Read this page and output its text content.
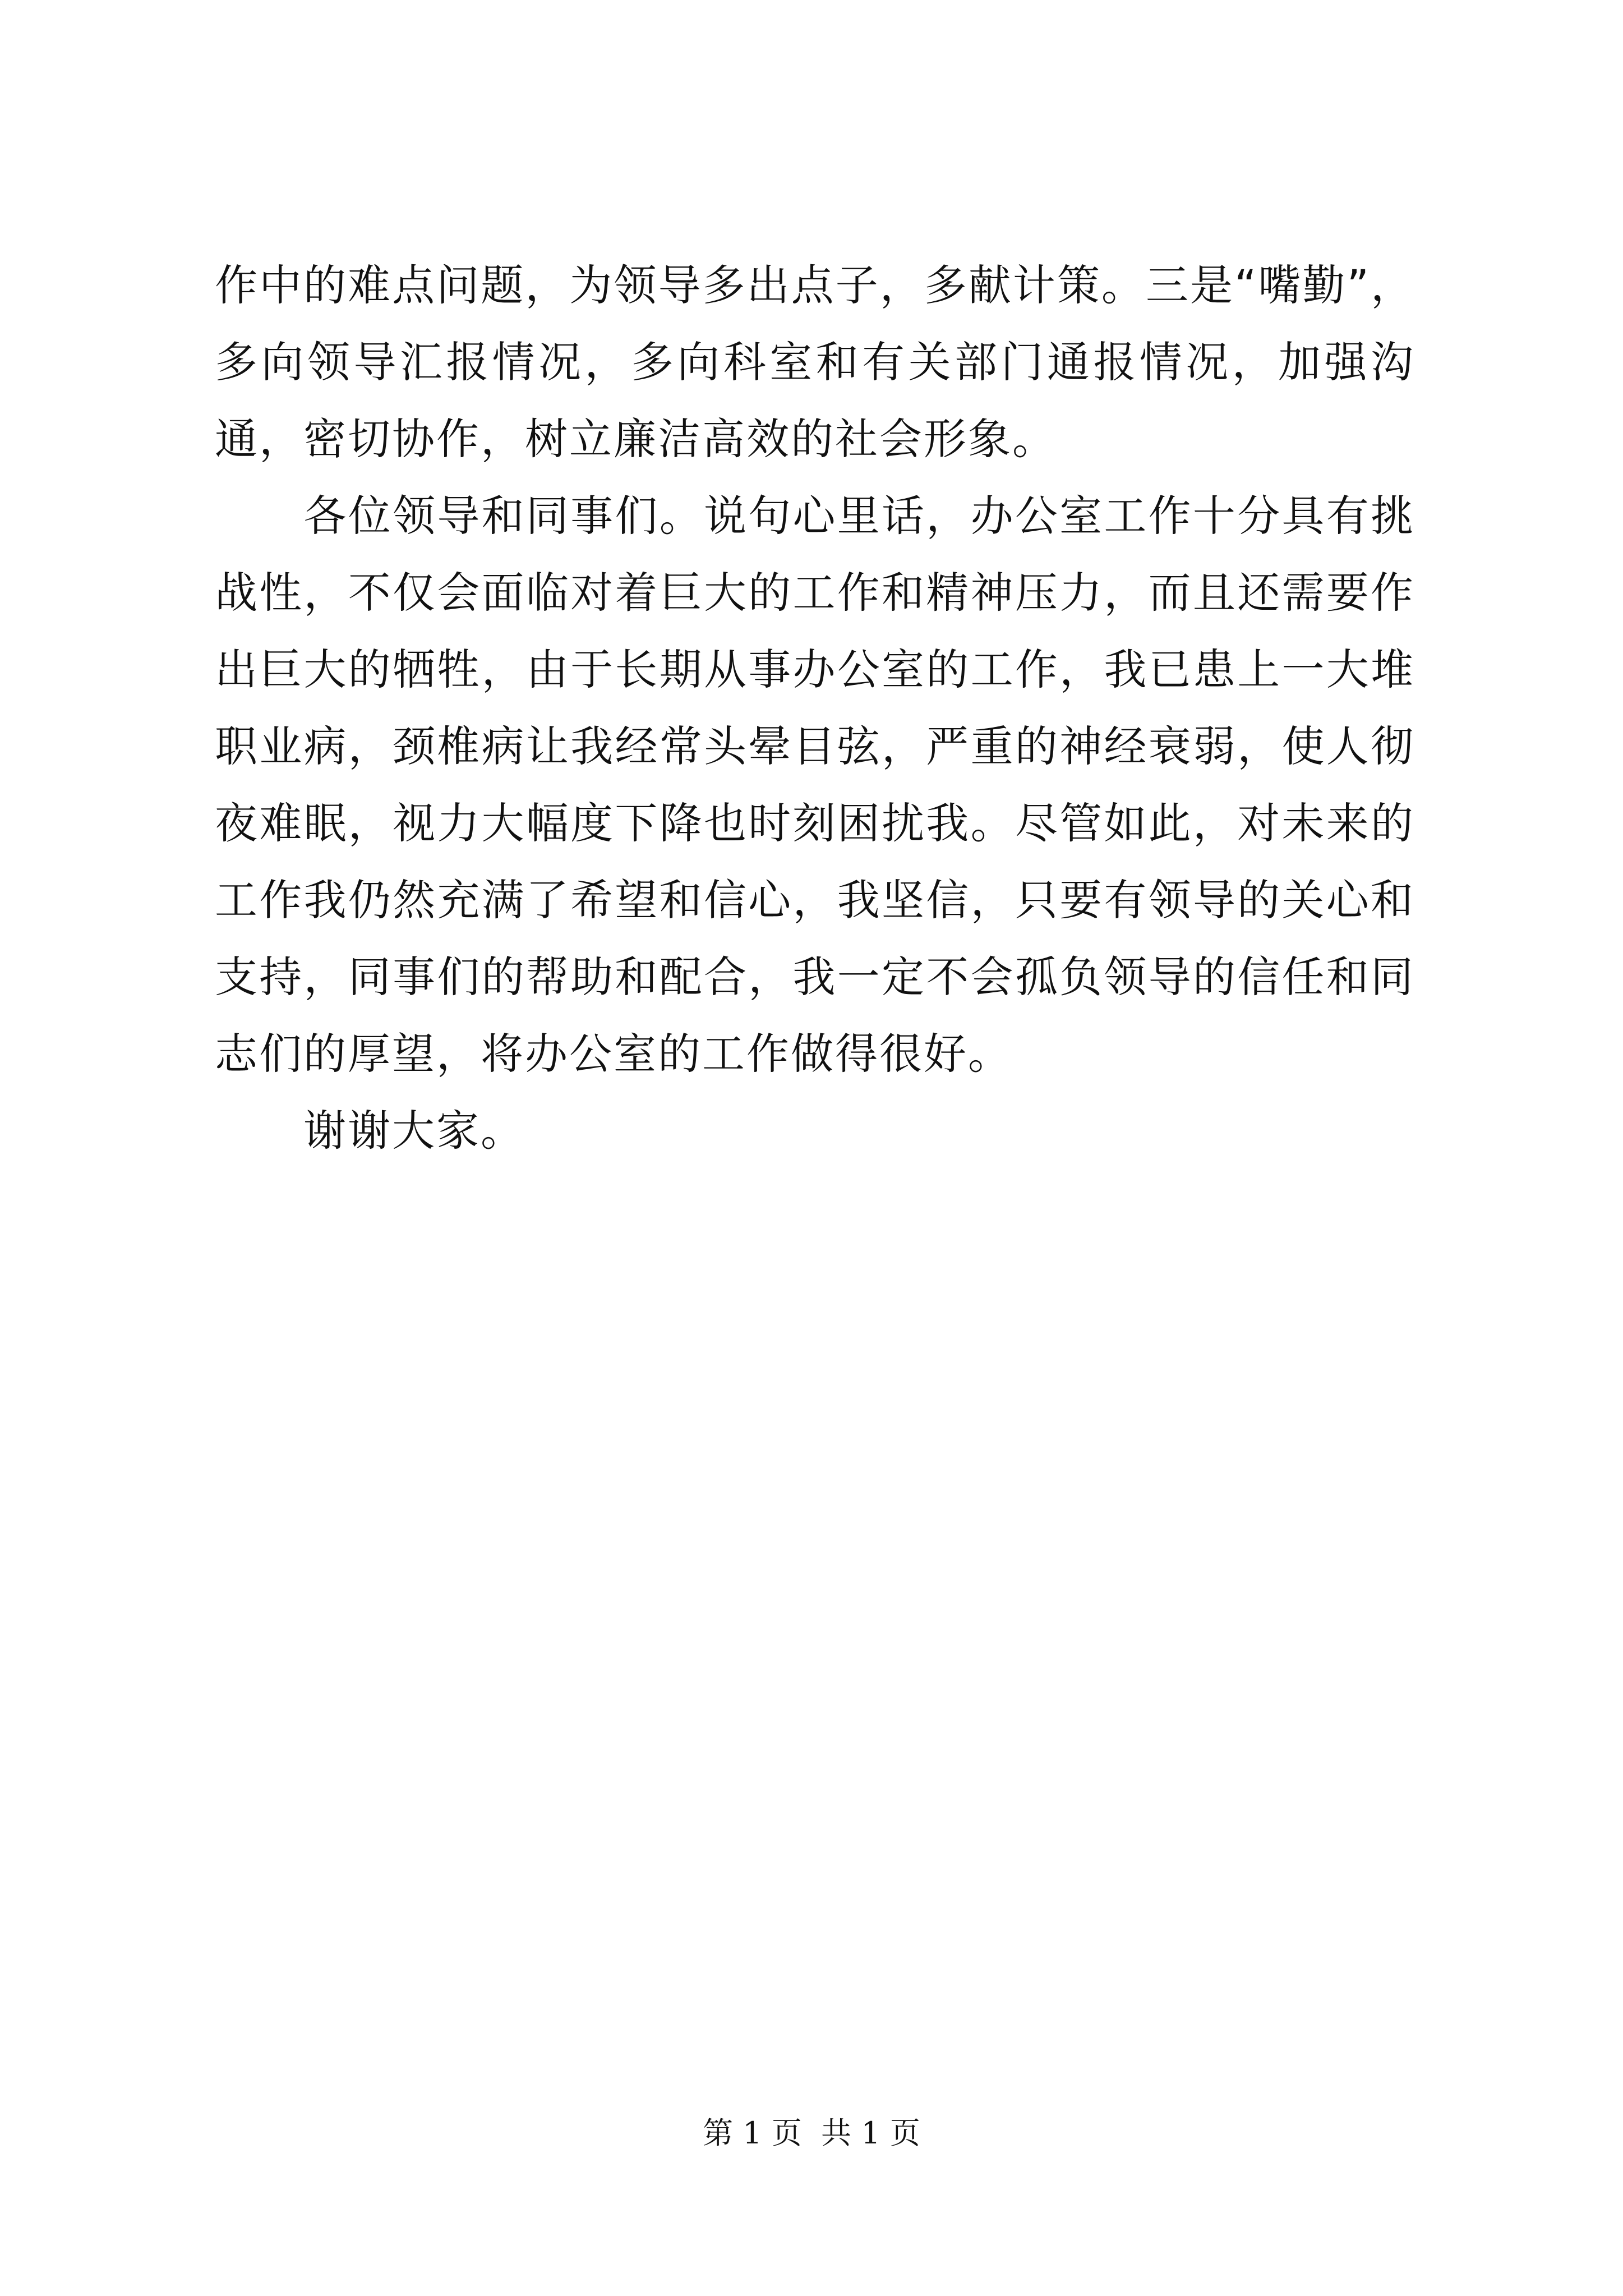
作中的难点问题，为领导多出点子，多献计策。三是“嘴勤”，多向领导汇报情况，多向科室和有关部门通报情况，加强沟通，密切协作，树立廉洁高效的社会形象。

　　各位领导和同事们。说句心里话，办公室工作十分具有挑战性，不仅会面临对着巨大的工作和精神压力，而且还需要作出巨大的牺牲，由于长期从事办公室的工作，我已患上一大堆职业病，颈椎病让我经常头晕目弦，严重的神经衰弱，使人彻夜难眠，视力大幅度下降也时刻困扰我。尽管如此，对未来的工作我仍然充满了希望和信心，我坚信，只要有领导的关心和支持，同事们的帮助和配合，我一定不会孤负领导的信任和同志们的厚望，将办公室的工作做得很好。

　　谢谢大家。

第 1 页  共 1 页
